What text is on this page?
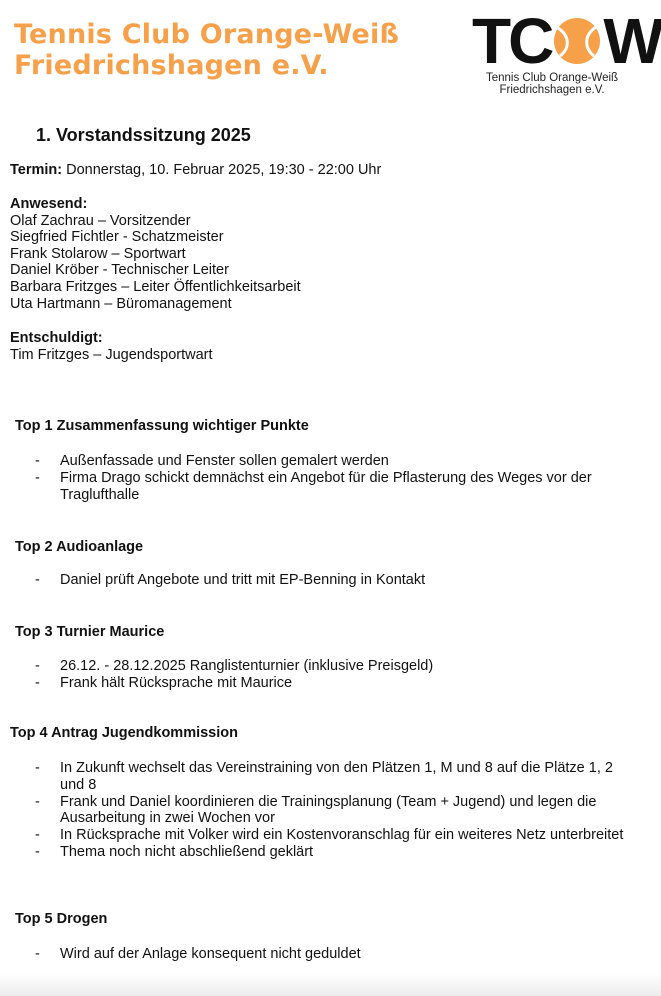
Tennis Club Orange-Weiß
Friedrichshagen e.V.	TC W
Tennis Club Orange-Weiß
Friedrichshagen e.V.
1. Vorstandssitzung 2025
Termin: Donnerstag, 10. Februar 2025, 19:30 - 22:00 Uhr
Anwesend:
Olaf Zachrau – Vorsitzender
Siegfried Fichtler - Schatzmeister
Frank Stolarow – Sportwart
Daniel Kröber - Technischer Leiter
Barbara Fritzges – Leiter Öffentlichkeitsarbeit
Uta Hartmann – Büromanagement
Entschuldigt:
Tim Fritzges – Jugendsportwart
Top 1 Zusammenfassung wichtiger Punkte
- Außenfassade und Fenster sollen gemalert werden
- Firma Drago schickt demnächst ein Angebot für die Pflasterung des Weges vor der Traglufthalle
Top 2 Audioanlage
- Daniel prüft Angebote und tritt mit EP-Benning in Kontakt
Top 3 Turnier Maurice
- 26.12. - 28.12.2025 Ranglistenturnier (inklusive Preisgeld)
- Frank hält Rücksprache mit Maurice
Top 4 Antrag Jugendkommission
- In Zukunft wechselt das Vereinstraining von den Plätzen 1, M und 8 auf die Plätze 1, 2 und 8
- Frank und Daniel koordinieren die Trainingsplanung (Team + Jugend) und legen die Ausarbeitung in zwei Wochen vor
- In Rücksprache mit Volker wird ein Kostenvoranschlag für ein weiteres Netz unterbreitet
- Thema noch nicht abschließend geklärt
Top 5 Drogen
- Wird auf der Anlage konsequent nicht geduldet
